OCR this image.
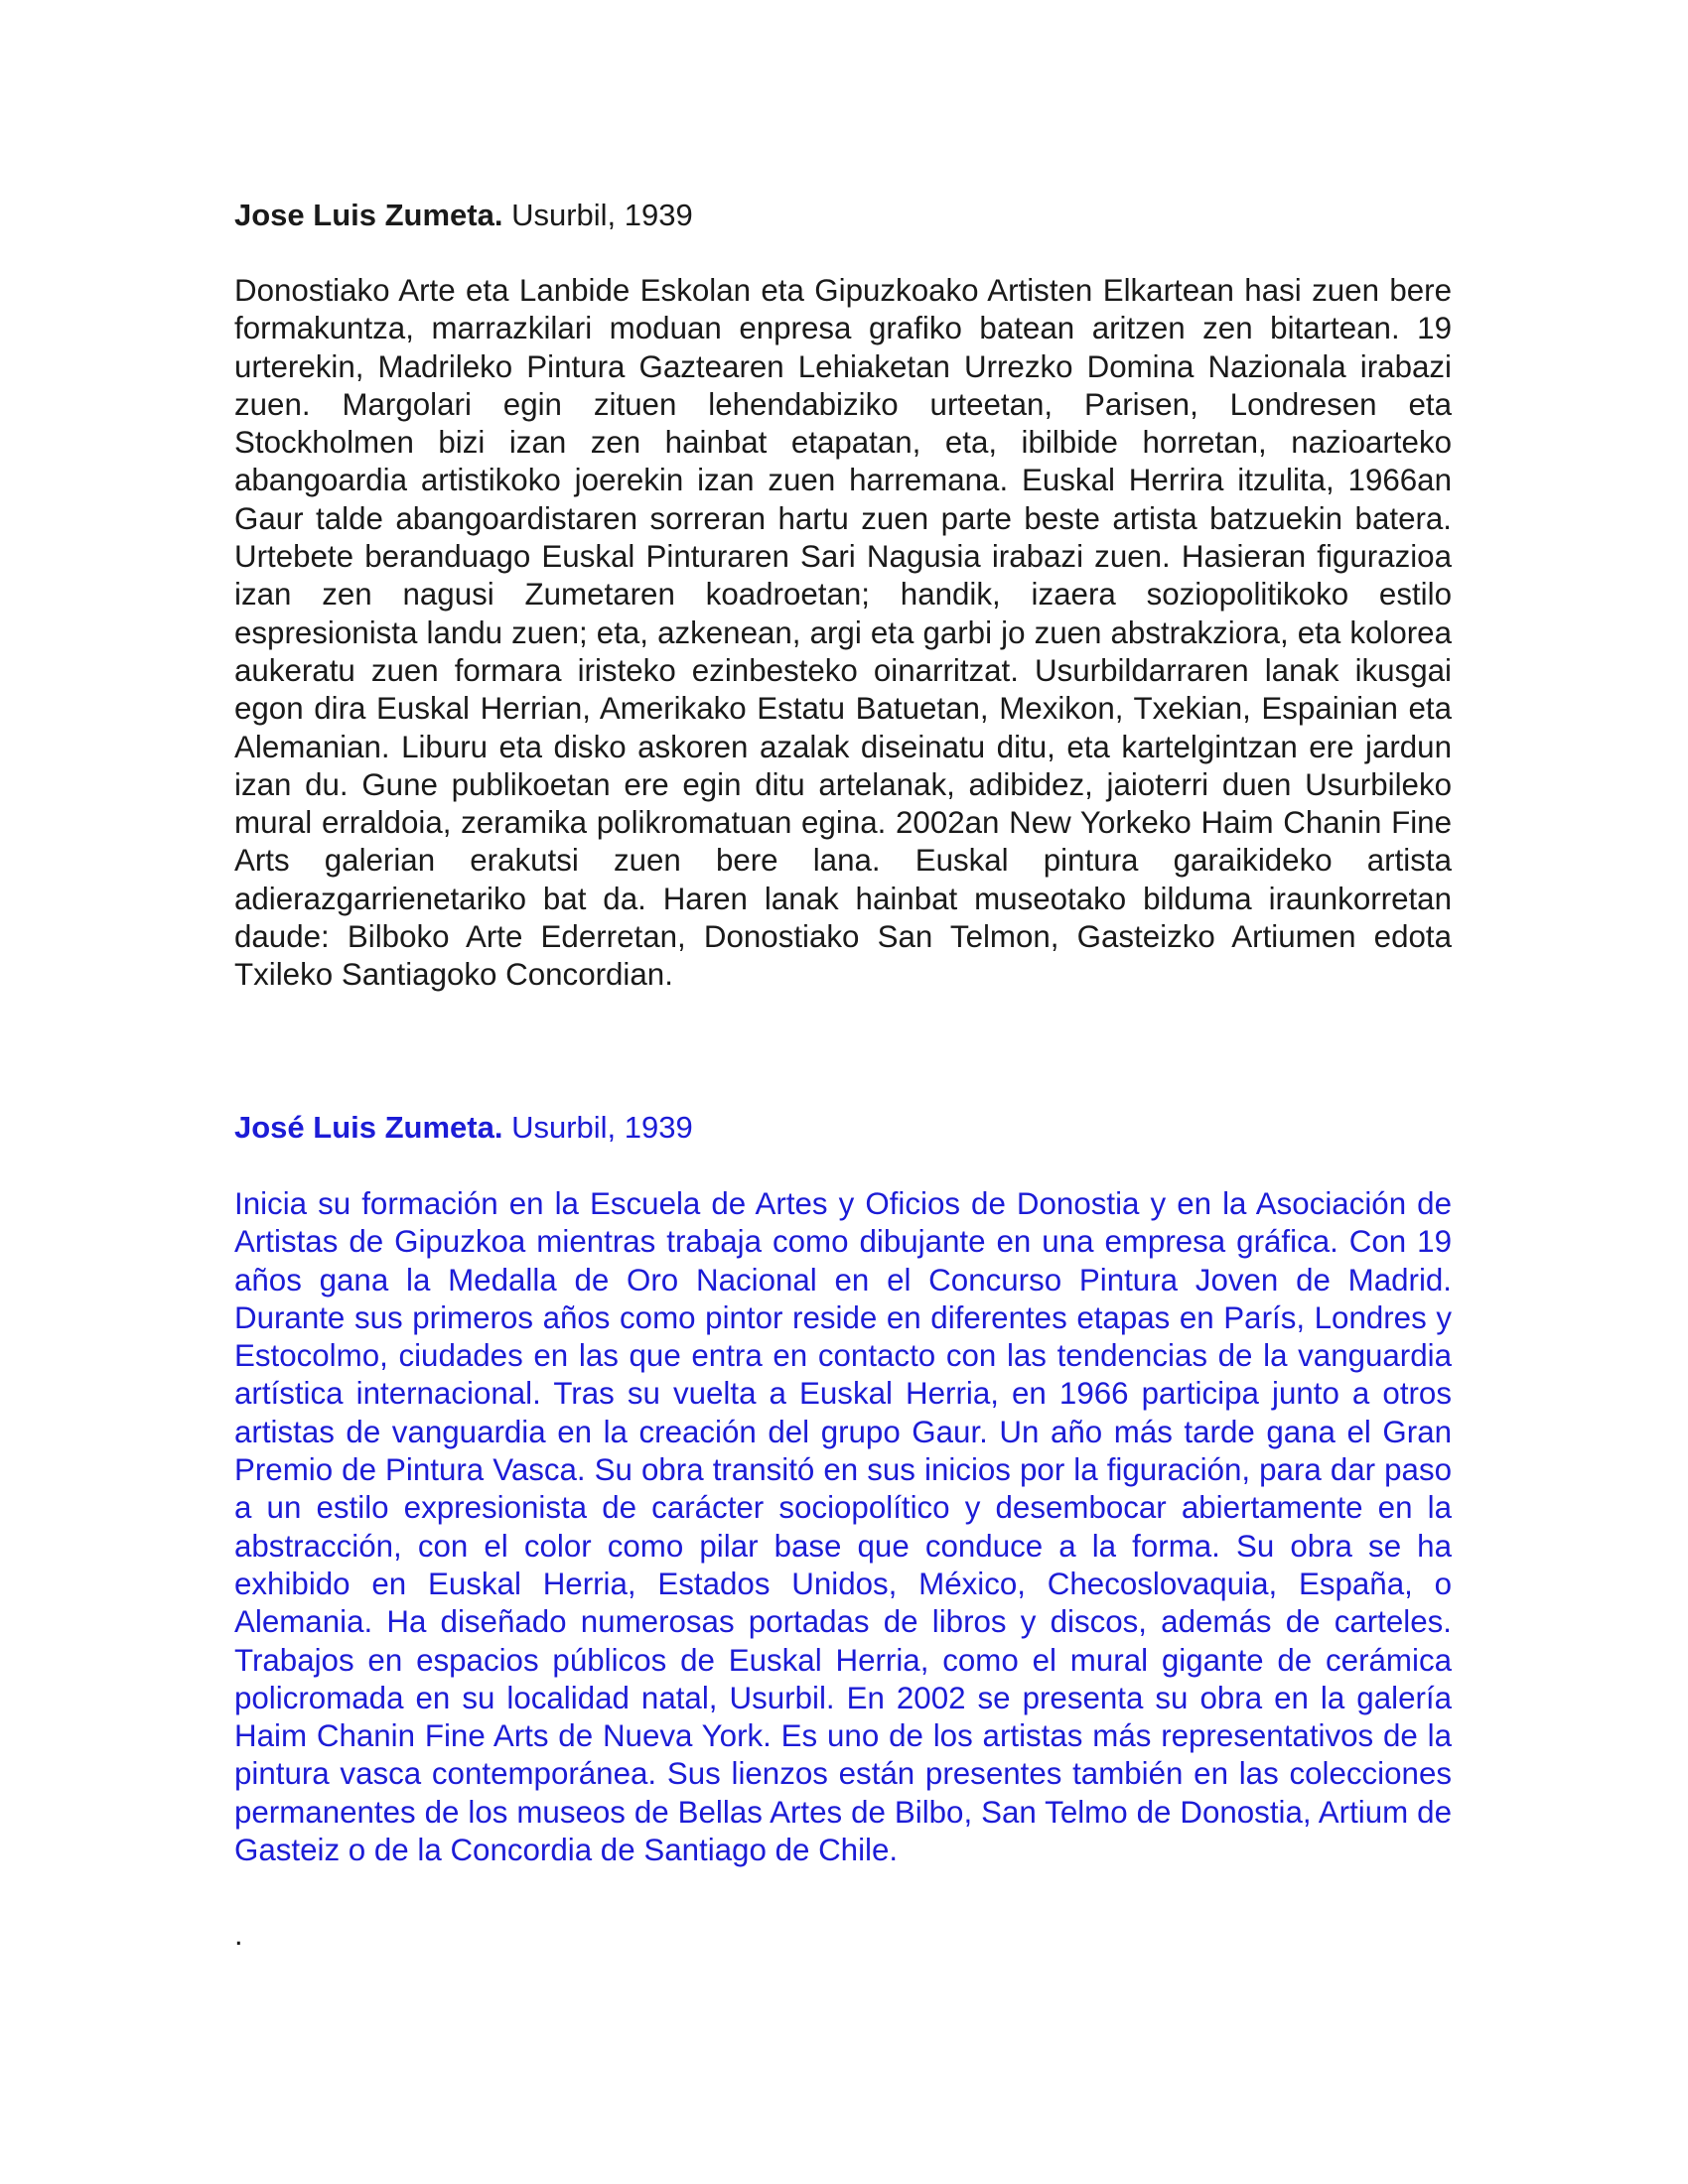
Jose Luis Zumeta. Usurbil, 1939

Donostiako Arte eta Lanbide Eskolan eta Gipuzkoako Artisten Elkartean hasi zuen bere formakuntza, marrazkilari moduan enpresa grafiko batean aritzen zen bitartean. 19 urterekin, Madrileko Pintura Gaztearen Lehiaketan Urrezko Domina Nazionala irabazi zuen. Margolari egin zituen lehendabiziko urteetan, Parisen, Londresen eta Stockholmen bizi izan zen hainbat etapatan, eta, ibilbide horretan, nazioarteko abangoardia artistikoko joerekin izan zuen harremana. Euskal Herrira itzulita, 1966an Gaur talde abangoardistaren sorreran hartu zuen parte beste artista batzuekin batera. Urtebete beranduago Euskal Pinturaren Sari Nagusia irabazi zuen. Hasieran figurazioa izan zen nagusi Zumetaren koadroetan; handik, izaera soziopolitikoko estilo espresionista landu zuen; eta, azkenean, argi eta garbi jo zuen abstrakziora, eta kolorea aukeratu zuen formara iristeko ezinbesteko oinarritzat. Usurbildarraren lanak ikusgai egon dira Euskal Herrian, Amerikako Estatu Batuetan, Mexikon, Txekian, Espainian eta Alemanian. Liburu eta disko askoren azalak diseinatu ditu, eta kartelgintzan ere jardun izan du. Gune publikoetan ere egin ditu artelanak, adibidez, jaioterri duen Usurbileko mural erraldoia, zeramika polikromatuan egina. 2002an New Yorkeko Haim Chanin Fine Arts galerian erakutsi zuen bere lana. Euskal pintura garaikideko artista adierazgarrienetariko bat da. Haren lanak hainbat museotako bilduma iraunkorretan daude: Bilboko Arte Ederretan, Donostiako San Telmon, Gasteizko Artiumen edota Txileko Santiagoko Concordian.

José Luis Zumeta. Usurbil, 1939

Inicia su formación en la Escuela de Artes y Oficios de Donostia y en la Asociación de Artistas de Gipuzkoa mientras trabaja como dibujante en una empresa gráfica. Con 19 años gana la Medalla de Oro Nacional en el Concurso Pintura Joven de Madrid. Durante sus primeros años como pintor reside en diferentes etapas en París, Londres y Estocolmo, ciudades en las que entra en contacto con las tendencias de la vanguardia artística internacional. Tras su vuelta a Euskal Herria, en 1966 participa junto a otros artistas de vanguardia en la creación del grupo Gaur. Un año más tarde gana el Gran Premio de Pintura Vasca. Su obra transitó en sus inicios por la figuración, para dar paso a un estilo expresionista de carácter sociopolítico y desembocar abiertamente en la abstracción, con el color como pilar base que conduce a la forma. Su obra se ha exhibido en Euskal Herria, Estados Unidos, México, Checoslovaquia, España, o Alemania. Ha diseñado numerosas portadas de libros y discos, además de carteles. Trabajos en espacios públicos de Euskal Herria, como el mural gigante de cerámica policromada en su localidad natal, Usurbil. En 2002 se presenta su obra en la galería Haim Chanin Fine Arts de Nueva York. Es uno de los artistas más representativos de la pintura vasca contemporánea. Sus lienzos están presentes también en las colecciones permanentes de los museos de Bellas Artes de Bilbo, San Telmo de Donostia, Artium de Gasteiz o de la Concordia de Santiago de Chile.

.
